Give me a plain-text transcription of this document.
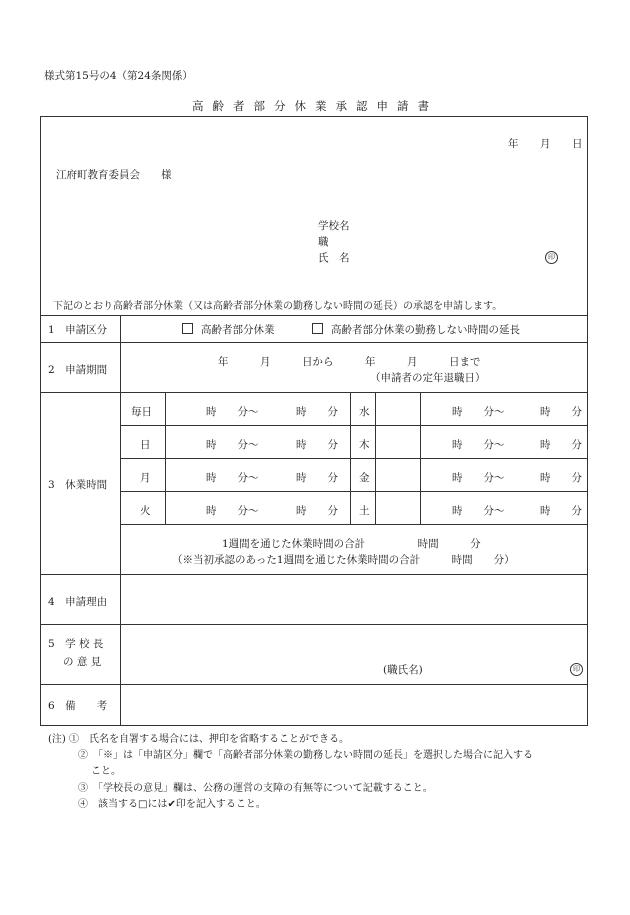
様式第15号の4（第24条関係）
高齢者部分休業承認申請書
年 月 日
江府町教育委員会　　様
学校名
職
氏　名	印
下記のとおり高齢者部分休業（又は高齢者部分休業の勤務しない時間の延長）の承認を申請します。
1　申請区分	高齢者部分休業	高齢者部分休業の勤務しない時間の延長
2　申請期間
年　　　月　　　日から　　　年　　　月　　　日まで
（申請者の定年退職日）
3　休業時間
毎日	時　　分〜	時　　分
日	時　　分〜	時　　分
月	時　　分〜	時　　分
火	時　　分〜	時　　分
水	時　　分〜	時　　分
木	時　　分〜	時　　分
金	時　　分〜	時　　分
土	時　　分〜	時　　分
1週間を通じた休業時間の合計　　　　　時間　　　分
（※当初承認のあった1週間を通じた休業時間の合計　　　時間　　分）
4　申請理由
5　学 校 長
の 意 見
(職氏名)	印
6　備　　考
(注) ①　氏名を自署する場合には、押印を省略することができる。
②　「※」は「申請区分」欄で「高齢者部分休業の勤務しない時間の延長」を選択した場合に記入する
こと。
③　「学校長の意見」欄は、公務の運営の支障の有無等について記載すること。
④　該当する□には✔印を記入すること。
